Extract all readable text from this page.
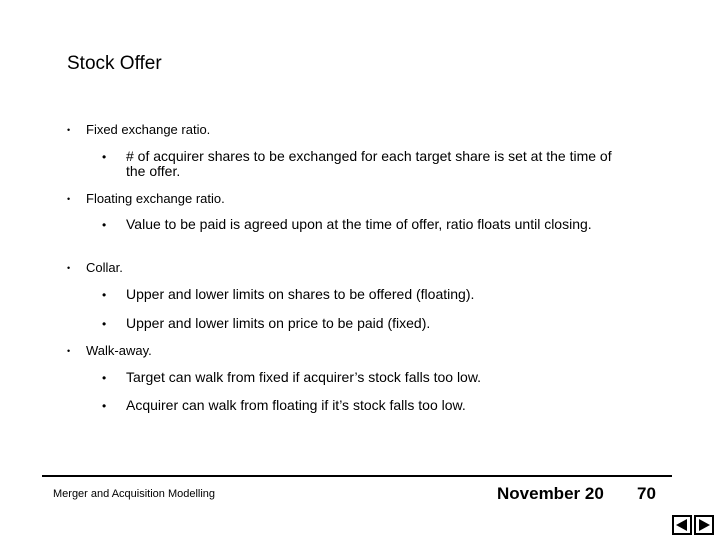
Stock Offer
• Fixed exchange ratio.
• # of acquirer shares to be exchanged for each target share is set at the time of the offer.
• Floating exchange ratio.
• Value to be paid is agreed upon at the time of offer, ratio floats until closing.
• Collar.
• Upper and lower limits on shares to be offered (floating).
• Upper and lower limits on price to be paid (fixed).
• Walk-away.
• Target can walk from fixed if acquirer’s stock falls too low.
• Acquirer can walk from floating if it’s stock falls too low.
Merger and Acquisition Modelling	November 20 70
